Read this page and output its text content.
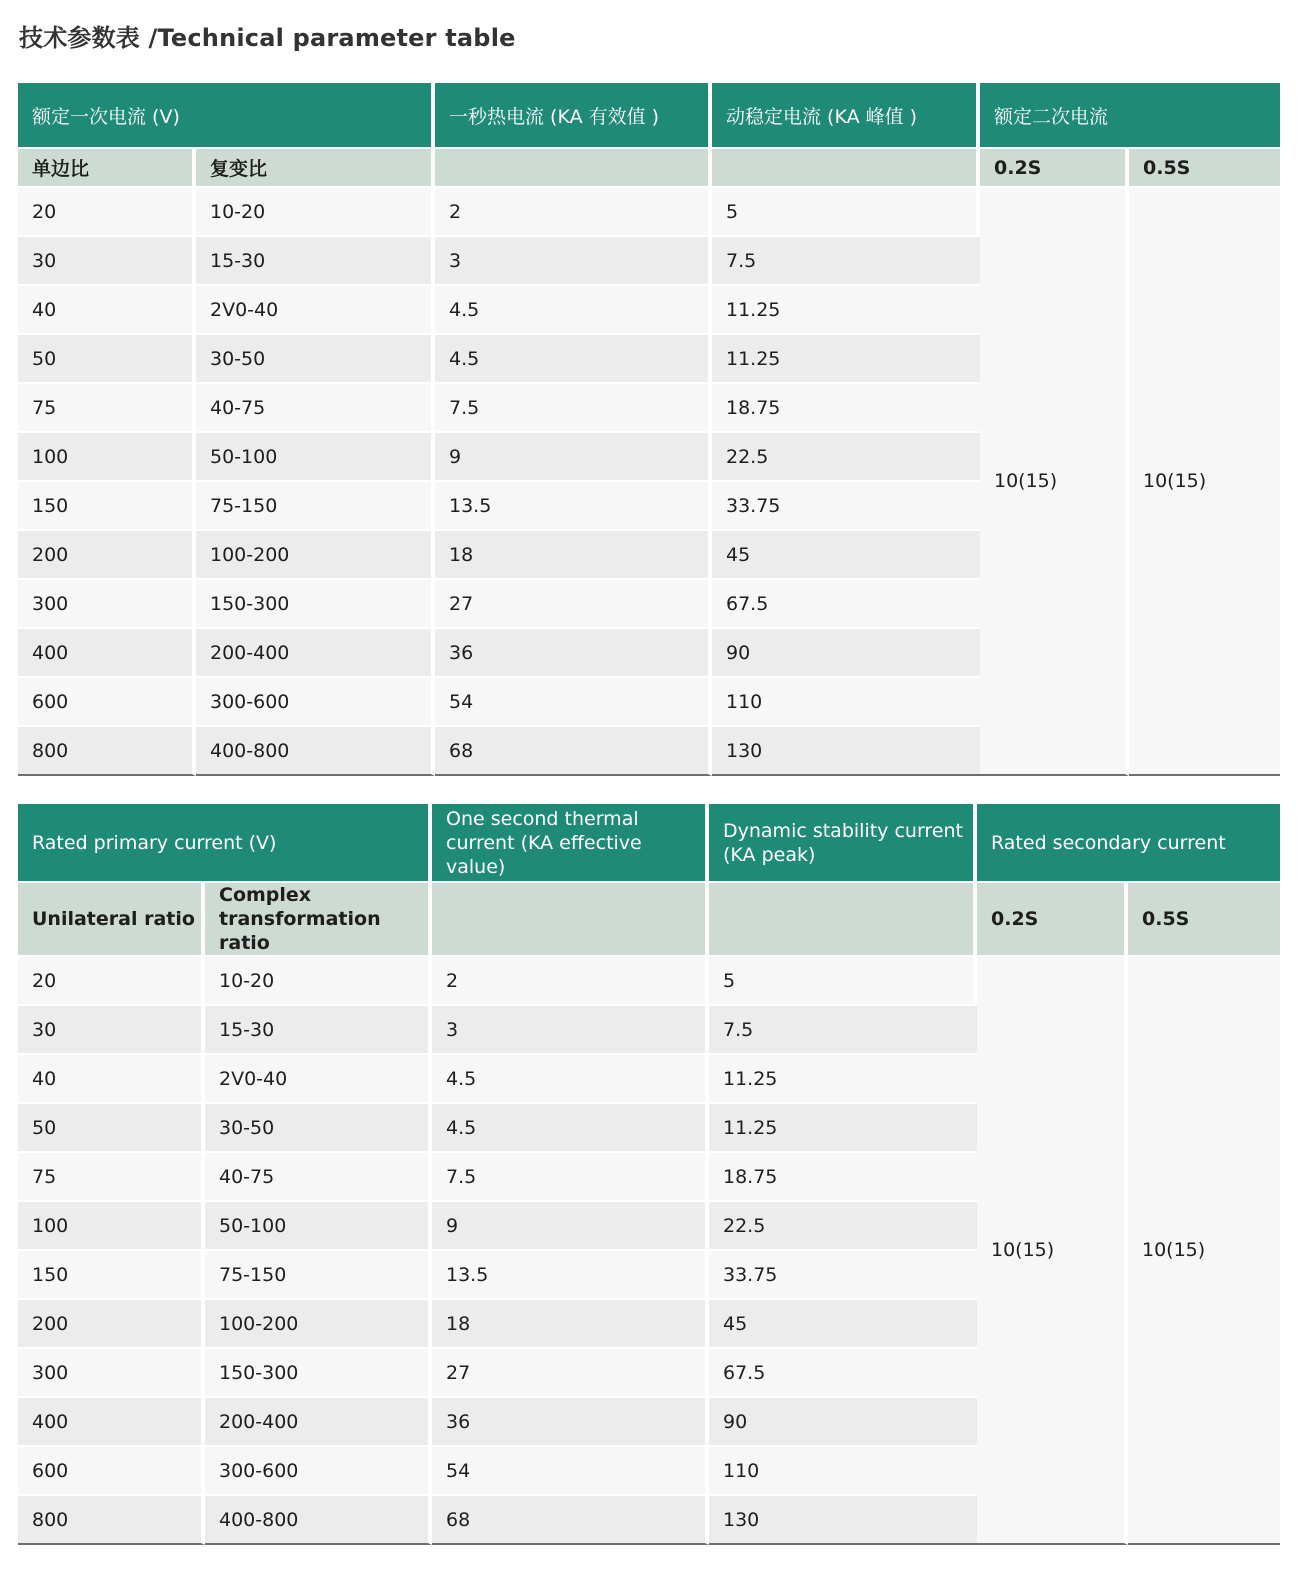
技术参数表 /Technical parameter table
额定一次电流 (V)		一秒热电流 (KA 有效值 )	动稳定电流 (KA 峰值 )	额定二次电流	
单边比	复变比			0.2S	0.5S
20	10-20	2	5	10(15)	10(15)
30	15-30	3	7.5		
40	2V0-40	4.5	11.25		
50	30-50	4.5	11.25		
75	40-75	7.5	18.75		
100	50-100	9	22.5		
150	75-150	13.5	33.75		
200	100-200	18	45		
300	150-300	27	67.5		
400	200-400	36	90		
600	300-600	54	110		
800	400-800	68	130		
Rated primary current (V)		One second thermal current (KA effective value)	Dynamic stability current (KA peak)	Rated secondary current	
Unilateral ratio	Complex transformation ratio			0.2S	0.5S
20	10-20	2	5	10(15)	10(15)
30	15-30	3	7.5		
40	2V0-40	4.5	11.25		
50	30-50	4.5	11.25		
75	40-75	7.5	18.75		
100	50-100	9	22.5		
150	75-150	13.5	33.75		
200	100-200	18	45		
300	150-300	27	67.5		
400	200-400	36	90		
600	300-600	54	110		
800	400-800	68	130		
